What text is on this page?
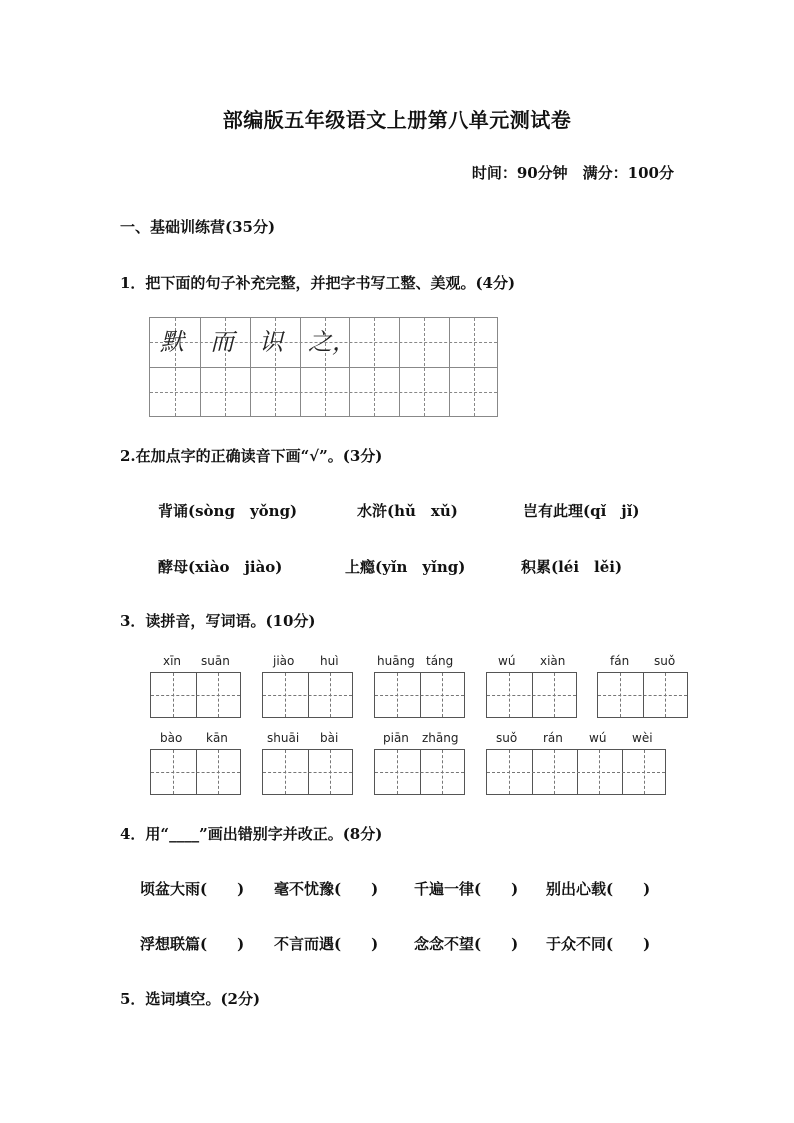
部编版五年级语文上册第八单元测试卷
时间：90分钟　满分：100分
一、基础训练营(35分)
1．把下面的句子补充完整，并把字书写工整、美观。(4分)
默 而 识 之，
2.在加点字的正确读音下画“√”。(3分)
背诵(sòng　yǒng)	水浒(hǔ　xǔ)	岂有此理(qǐ　jǐ)
酵母(xiào　jiào)	上瘾(yǐn　yǐng)	积累(léi　lěi)
3．读拼音，写词语。(10分)
xīn suān	jiào huì	huāng táng	wú xiàn	fán suǒ
bào kān	shuāi bài	piān zhāng	suǒ rán wú wèi
4．用“____”画出错别字并改正。(8分)
顷盆大雨(　　) 毫不忧豫(　　) 千遍一律(　　) 别出心载(　　)
浮想联篇(　　) 不言而遇(　　) 念念不望(　　) 于众不同(　　)
5．选词填空。(2分)
